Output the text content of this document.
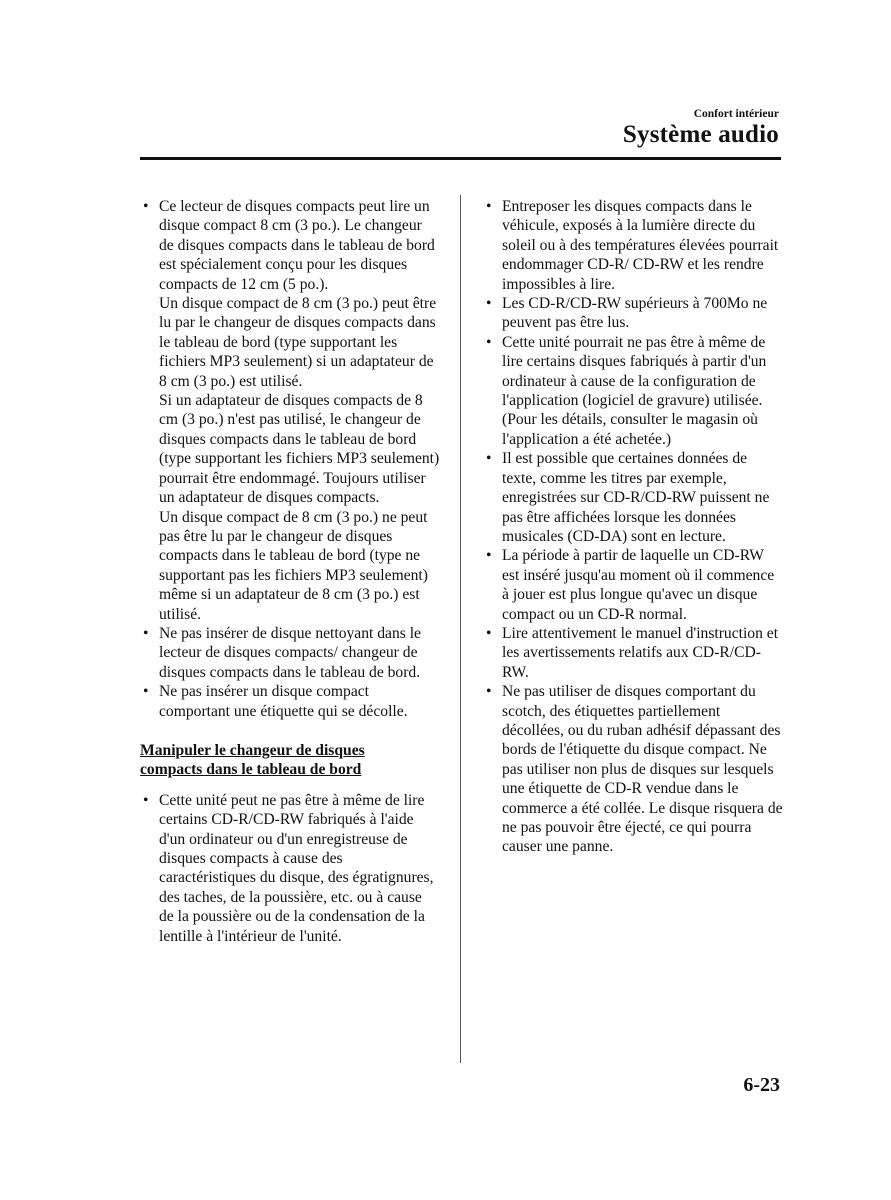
Confort intérieur
Système audio
• Ce lecteur de disques compacts peut lire un disque compact 8 cm (3 po.). Le changeur de disques compacts dans le tableau de bord est spécialement conçu pour les disques compacts de 12 cm (5 po.).
Un disque compact de 8 cm (3 po.) peut être lu par le changeur de disques compacts dans le tableau de bord (type supportant les fichiers MP3 seulement) si un adaptateur de 8 cm (3 po.) est utilisé.
Si un adaptateur de disques compacts de 8 cm (3 po.) n'est pas utilisé, le changeur de disques compacts dans le tableau de bord (type supportant les fichiers MP3 seulement) pourrait être endommagé. Toujours utiliser un adaptateur de disques compacts.
Un disque compact de 8 cm (3 po.) ne peut pas être lu par le changeur de disques compacts dans le tableau de bord (type ne supportant pas les fichiers MP3 seulement) même si un adaptateur de 8 cm (3 po.) est utilisé.
• Ne pas insérer de disque nettoyant dans le lecteur de disques compacts/ changeur de disques compacts dans le tableau de bord.
• Ne pas insérer un disque compact comportant une étiquette qui se décolle.
Manipuler le changeur de disques
compacts dans le tableau de bord
• Cette unité peut ne pas être à même de lire certains CD-R/CD-RW fabriqués à l'aide d'un ordinateur ou d'un enregistreuse de disques compacts à cause des caractéristiques du disque, des égratignures, des taches, de la poussière, etc. ou à cause de la poussière ou de la condensation de la lentille à l'intérieur de l'unité.
• Entreposer les disques compacts dans le véhicule, exposés à la lumière directe du soleil ou à des températures élevées pourrait endommager CD-R/ CD-RW et les rendre impossibles à lire.
• Les CD-R/CD-RW supérieurs à 700Mo ne peuvent pas être lus.
• Cette unité pourrait ne pas être à même de lire certains disques fabriqués à partir d'un ordinateur à cause de la configuration de l'application (logiciel de gravure) utilisée. (Pour les détails, consulter le magasin où l'application a été achetée.)
• Il est possible que certaines données de texte, comme les titres par exemple, enregistrées sur CD-R/CD-RW puissent ne pas être affichées lorsque les données musicales (CD-DA) sont en lecture.
• La période à partir de laquelle un CD-RW est inséré jusqu'au moment où il commence à jouer est plus longue qu'avec un disque compact ou un CD-R normal.
• Lire attentivement le manuel d'instruction et les avertissements relatifs aux CD-R/CD-RW.
• Ne pas utiliser de disques comportant du scotch, des étiquettes partiellement décollées, ou du ruban adhésif dépassant des bords de l'étiquette du disque compact. Ne pas utiliser non plus de disques sur lesquels une étiquette de CD-R vendue dans le commerce a été collée. Le disque risquera de ne pas pouvoir être éjecté, ce qui pourra causer une panne.
6-23
